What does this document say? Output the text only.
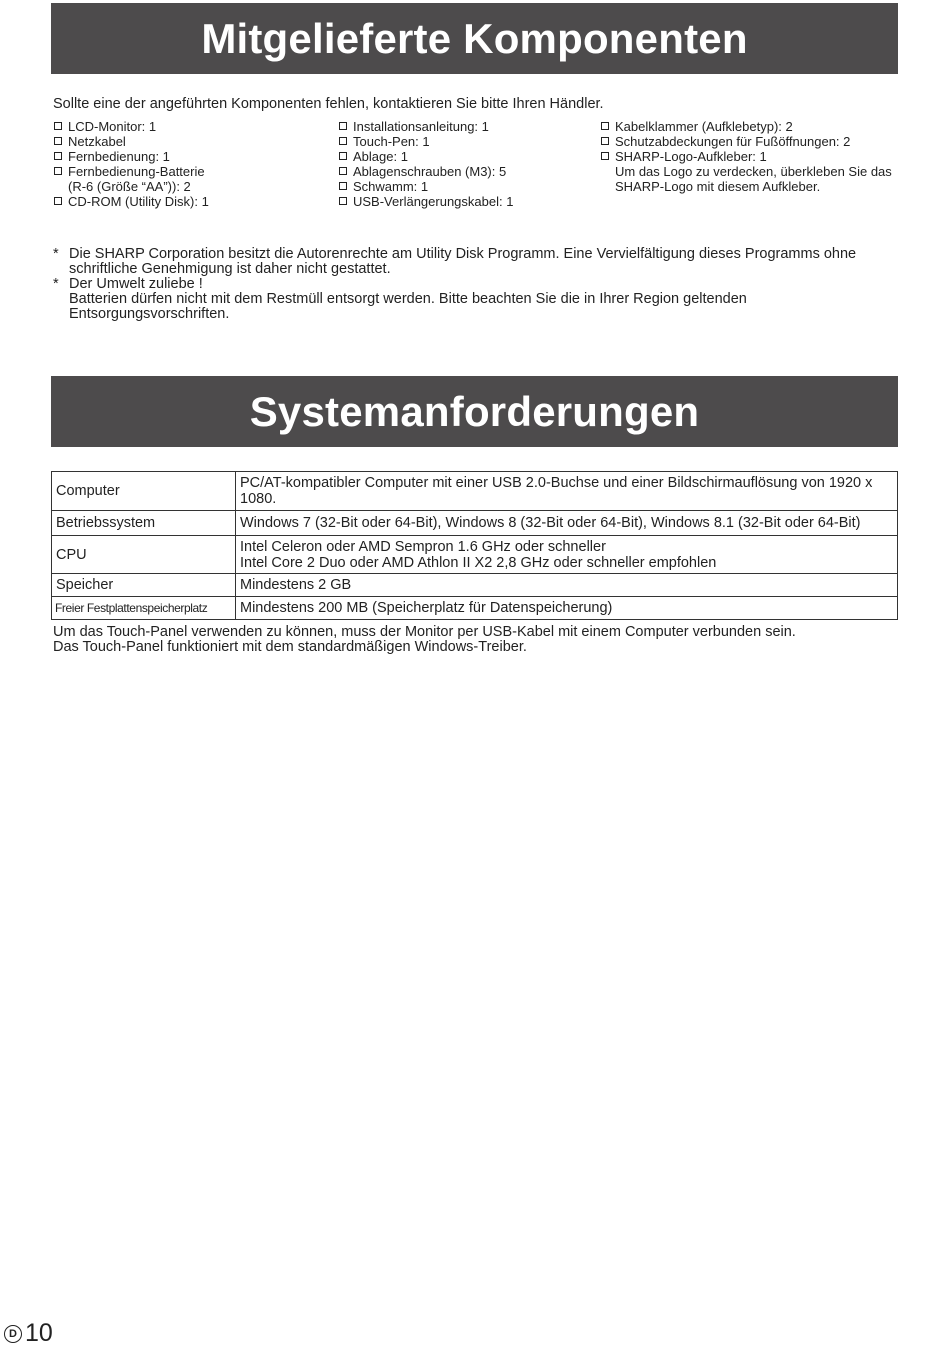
Mitgelieferte Komponenten
Sollte eine der angeführten Komponenten fehlen, kontaktieren Sie bitte Ihren Händler.
LCD-Monitor: 1
Netzkabel
Fernbedienung: 1
Fernbedienung-Batterie
(R-6 (Größe “AA”)): 2
CD-ROM (Utility Disk): 1
Installationsanleitung: 1
Touch-Pen: 1
Ablage: 1
Ablagenschrauben (M3): 5
Schwamm: 1
USB-Verlängerungskabel: 1
Kabelklammer (Aufklebetyp): 2
Schutzabdeckungen für Fußöffnungen: 2
SHARP-Logo-Aufkleber: 1
Um das Logo zu verdecken, überkleben Sie das
SHARP-Logo mit diesem Aufkleber.
* Die SHARP Corporation besitzt die Autorenrechte am Utility Disk Programm. Eine Vervielfältigung dieses Programms ohne
schriftliche Genehmigung ist daher nicht gestattet.
* Der Umwelt zuliebe !
Batterien dürfen nicht mit dem Restmüll entsorgt werden. Bitte beachten Sie die in Ihrer Region geltenden
Entsorgungsvorschriften.
Systemanforderungen
Computer	PC/AT-kompatibler Computer mit einer USB 2.0-Buchse und einer Bildschirmauflösung von 1920 x
1080.

Betriebssystem	Windows 7 (32-Bit oder 64-Bit), Windows 8 (32-Bit oder 64-Bit), Windows 8.1 (32-Bit oder 64-Bit)

CPU	Intel Celeron oder AMD Sempron 1.6 GHz oder schneller
Intel Core 2 Duo oder AMD Athlon II X2 2,8 GHz oder schneller empfohlen

Speicher	Mindestens 2 GB

Freier Festplattenspeicherplatz	Mindestens 200 MB (Speicherplatz für Datenspeicherung)
Um das Touch-Panel verwenden zu können, muss der Monitor per USB-Kabel mit einem Computer verbunden sein.
Das Touch-Panel funktioniert mit dem standardmäßigen Windows-Treiber.
D 10
